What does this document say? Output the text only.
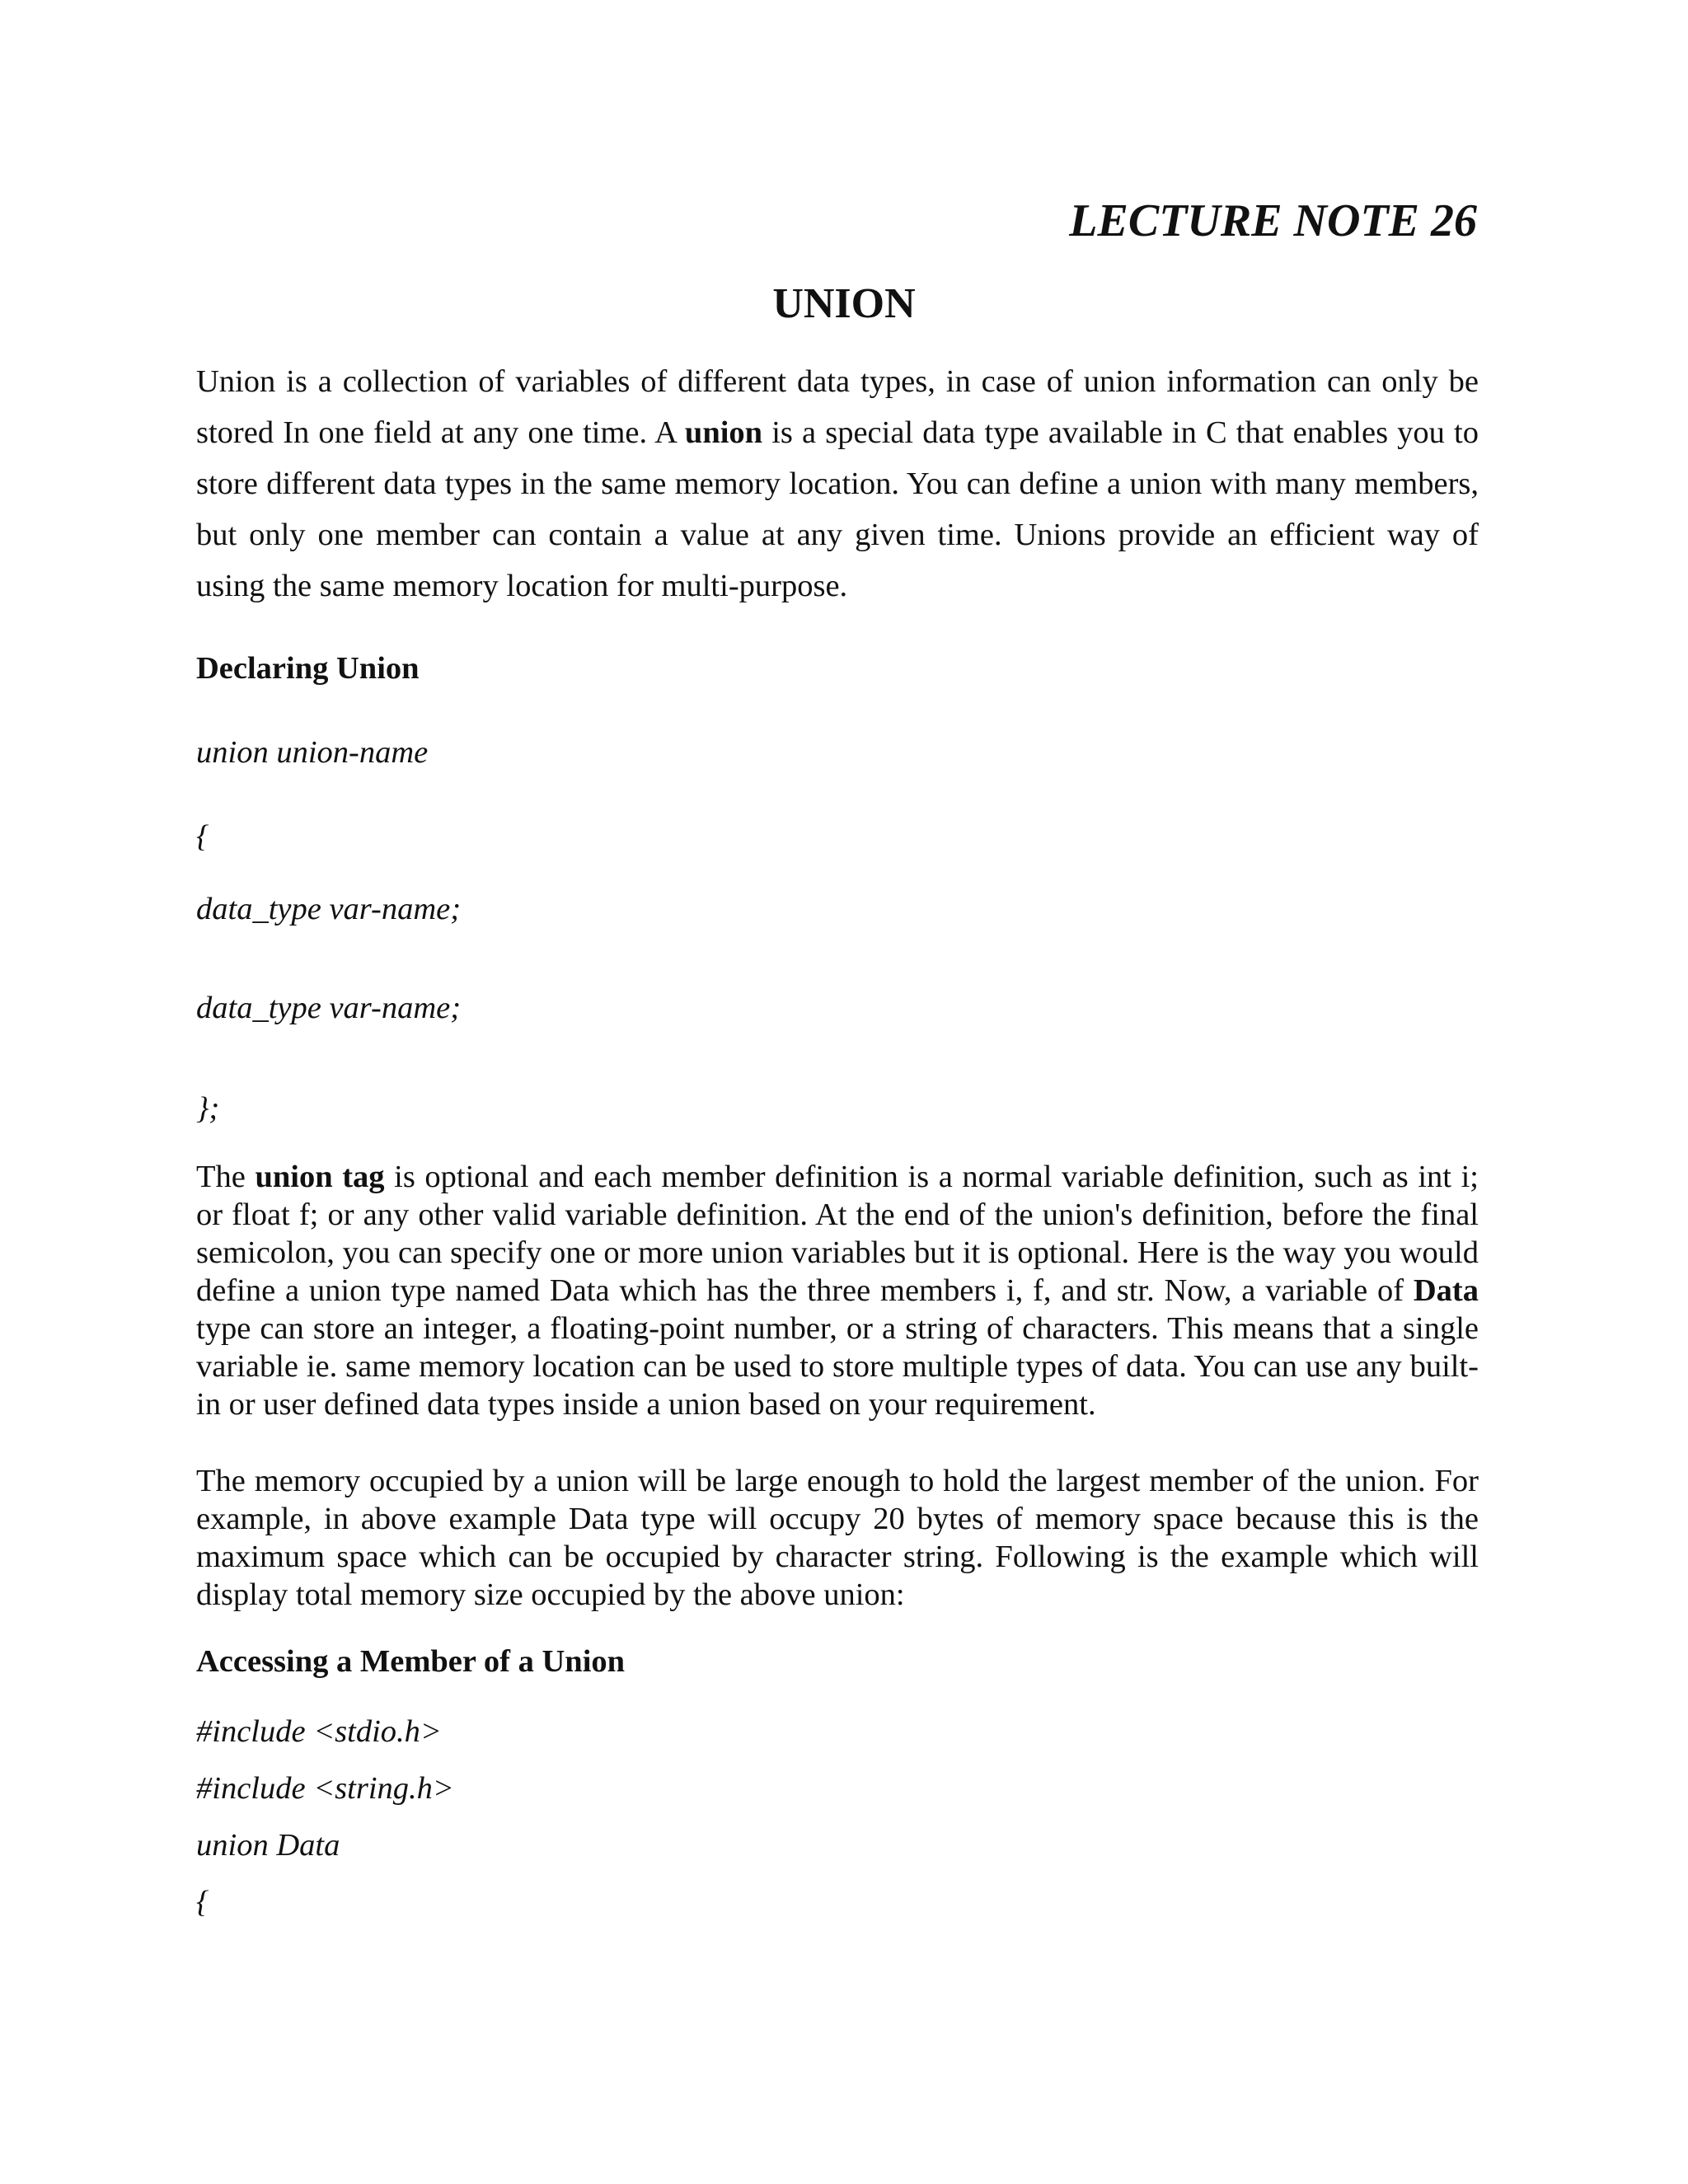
LECTURE NOTE 26

UNION

Union is a collection of variables of different data types, in case of union information can only be stored In one field at any one time. A union is a special data type available in C that enables you to store different data types in the same memory location. You can define a union with many members, but only one member can contain a value at any given time. Unions provide an efficient way of using the same memory location for multi-purpose.

Declaring Union

union union-name

{

data_type var-name;

data_type var-name;

};

The union tag is optional and each member definition is a normal variable definition, such as int i; or float f; or any other valid variable definition. At the end of the union's definition, before the final semicolon, you can specify one or more union variables but it is optional. Here is the way you would define a union type named Data which has the three members i, f, and str. Now, a variable of Data type can store an integer, a floating-point number, or a string of characters. This means that a single variable ie. same memory location can be used to store multiple types of data. You can use any built-in or user defined data types inside a union based on your requirement.

The memory occupied by a union will be large enough to hold the largest member of the union. For example, in above example Data type will occupy 20 bytes of memory space because this is the maximum space which can be occupied by character string. Following is the example which will display total memory size occupied by the above union:

Accessing a Member of a Union

#include <stdio.h>

#include <string.h>

union Data

{
